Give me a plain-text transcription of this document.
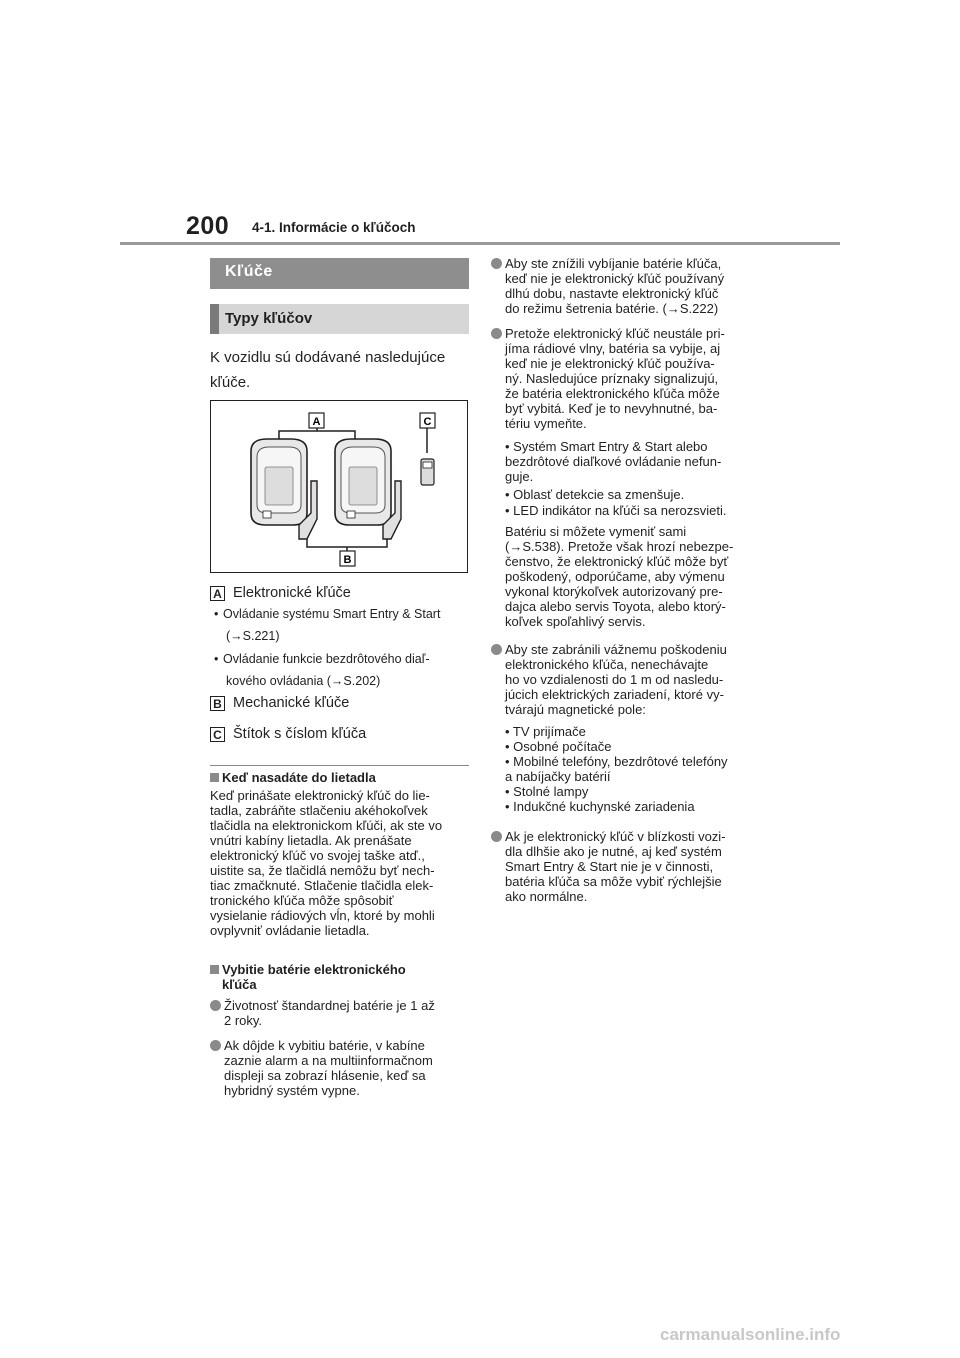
200 4-1. Informácie o kľúčoch
Kľúče
Typy kľúčov
K vozidlu sú dodávané nasledujúce kľúče.
A	C
B
A Elektronické kľúče
• Ovládanie systému Smart Entry & Start
(→S.221)
• Ovládanie funkcie bezdrôtového diaľ-
kového ovládania (→S.202)
B Mechanické kľúče
C Štítok s číslom kľúča
Keď nasadáte do lietadla
Keď prinášate elektronický kľúč do lie-
tadla, zabráňte stlačeniu akéhokoľvek
tlačidla na elektronickom kľúči, ak ste vo
vnútri kabíny lietadla. Ak prenášate
elektronický kľúč vo svojej taške atď.,
uistite sa, že tlačidlá nemôžu byť nech-
tiac zmačknuté. Stlačenie tlačidla elek-
tronického kľúča môže spôsobiť
vysielanie rádiových vĺn, ktoré by mohli
ovplyvniť ovládanie lietadla.
Vybitie batérie elektronického
kľúča
Životnosť štandardnej batérie je 1 až
2 roky.
Ak dôjde k vybitiu batérie, v kabíne
zaznie alarm a na multiinformačnom
displeji sa zobrazí hlásenie, keď sa
hybridný systém vypne.
Aby ste znížili vybíjanie batérie kľúča,
keď nie je elektronický kľúč používaný
dlhú dobu, nastavte elektronický kľúč
do režimu šetrenia batérie. (→S.222)
Pretože elektronický kľúč neustále pri-
jíma rádiové vlny, batéria sa vybije, aj
keď nie je elektronický kľúč používa-
ný. Nasledujúce príznaky signalizujú,
že batéria elektronického kľúča môže
byť vybitá. Keď je to nevyhnutné, ba-
tériu vymeňte.
• Systém Smart Entry & Start alebo
bezdrôtové diaľkové ovládanie nefun-
guje.
• Oblasť detekcie sa zmenšuje.
• LED indikátor na kľúči sa nerozsvieti.
Batériu si môžete vymeniť sami
(→S.538). Pretože však hrozí nebezpe-
čenstvo, že elektronický kľúč môže byť
poškodený, odporúčame, aby výmenu
vykonal ktorýkoľvek autorizovaný pre-
dajca alebo servis Toyota, alebo ktorý-
koľvek spoľahlivý servis.
Aby ste zabránili vážnemu poškodeniu
elektronického kľúča, nenechávajte
ho vo vzdialenosti do 1 m od nasledu-
júcich elektrických zariadení, ktoré vy-
tvárajú magnetické pole:
• TV prijímače
• Osobné počítače
• Mobilné telefóny, bezdrôtové telefóny
a nabíjačky batérií
• Stolné lampy
• Indukčné kuchynské zariadenia
Ak je elektronický kľúč v blízkosti vozi-
dla dlhšie ako je nutné, aj keď systém
Smart Entry & Start nie je v činnosti,
batéria kľúča sa môže vybiť rýchlejšie
ako normálne.
carmanualsonline.info
